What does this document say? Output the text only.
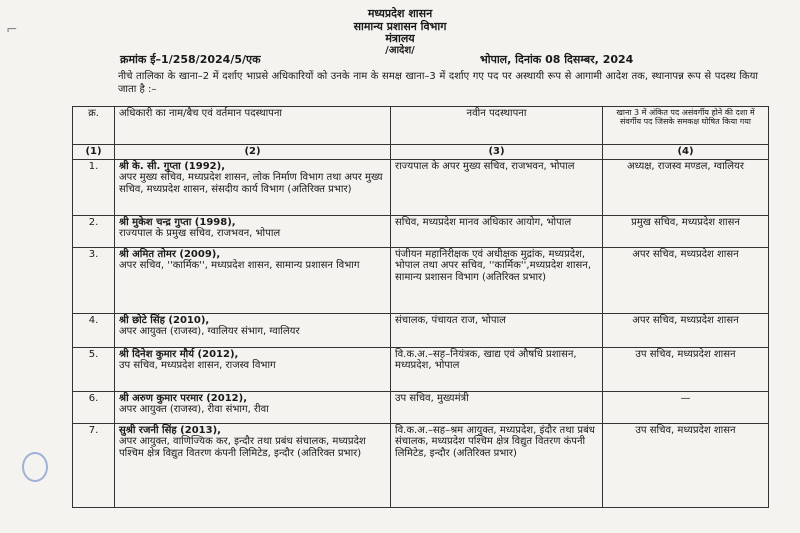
⌐
मध्यप्रदेश शासन
सामान्य प्रशासन विभाग
मंत्रालय
/आदेश/
क्रमांक ई–1/258/2024/5/एक	भोपाल, दिनांक 08 दिसम्बर, 2024
नीचे तालिका के खाना–2 में दर्शाए भाप्रसे अधिकारियों को उनके नाम के समक्ष खाना–3 में दर्शाए गए पद पर अस्थायी रूप से आगामी आदेश तक, स्थानापन्न रूप से पदस्थ किया जाता है :–
क्र.	अधिकारी का नाम/बैच एवं वर्तमान पदस्थापना	नवीन पदस्थापना	खाना 3 में अंकित पद असंवर्गीय होने की दशा में संवर्गीय पद जिसके समकक्ष घोषित किया गया
(1)	(2)	(3)	(4)
1.	श्री के. सी. गुप्ता (1992),
अपर मुख्य सचिव, मध्यप्रदेश शासन, लोक निर्माण विभाग तथा अपर मुख्य सचिव, मध्यप्रदेश शासन, संसदीय कार्य विभाग (अतिरिक्त प्रभार)	राज्यपाल के अपर मुख्य सचिव, राजभवन, भोपाल	अध्यक्ष, राजस्व मण्डल, ग्वालियर
2.	श्री मुकेश चन्द्र गुप्ता (1998),
राज्यपाल के प्रमुख सचिव, राजभवन, भोपाल	सचिव, मध्यप्रदेश मानव अधिकार आयोग, भोपाल	प्रमुख सचिव, मध्यप्रदेश शासन
3.	श्री अमित तोमर (2009),
अपर सचिव, ''कार्मिक'', मध्यप्रदेश शासन, सामान्य प्रशासन विभाग	पंजीयन महानिरीक्षक एवं अधीक्षक मुद्रांक, मध्यप्रदेश, भोपाल तथा अपर सचिव, ''कार्मिक'',मध्यप्रदेश शासन, सामान्य प्रशासन विभाग (अतिरिक्त प्रभार)	अपर सचिव, मध्यप्रदेश शासन
4.	श्री छोटे सिंह (2010),
अपर आयुक्त (राजस्व), ग्वालियर संभाग, ग्वालियर	संचालक, पंचायत राज, भोपाल	अपर सचिव, मध्यप्रदेश शासन
5.	श्री दिनेश कुमार मौर्य (2012),
उप सचिव, मध्यप्रदेश शासन, राजस्व विभाग	वि.क.अ.–सह–नियंत्रक, खाद्य एवं औषधि प्रशासन, मध्यप्रदेश, भोपाल	उप सचिव, मध्यप्रदेश शासन
6.	श्री अरुण कुमार परमार (2012),
अपर आयुक्त (राजस्व), रीवा संभाग, रीवा	उप सचिव, मुख्यमंत्री	—
7.	सुश्री रजनी सिंह (2013),
अपर आयुक्त, वाणिज्यिक कर, इन्दौर तथा प्रबंध संचालक, मध्यप्रदेश पश्चिम क्षेत्र विद्युत वितरण कंपनी लिमिटेड, इन्दौर (अतिरिक्त प्रभार)	वि.क.अ.–सह–श्रम आयुक्त, मध्यप्रदेश, इंदौर तथा प्रबंध संचालक, मध्यप्रदेश पश्चिम क्षेत्र विद्युत वितरण कंपनी लिमिटेड, इन्दौर (अतिरिक्त प्रभार)	उप सचिव, मध्यप्रदेश शासन
